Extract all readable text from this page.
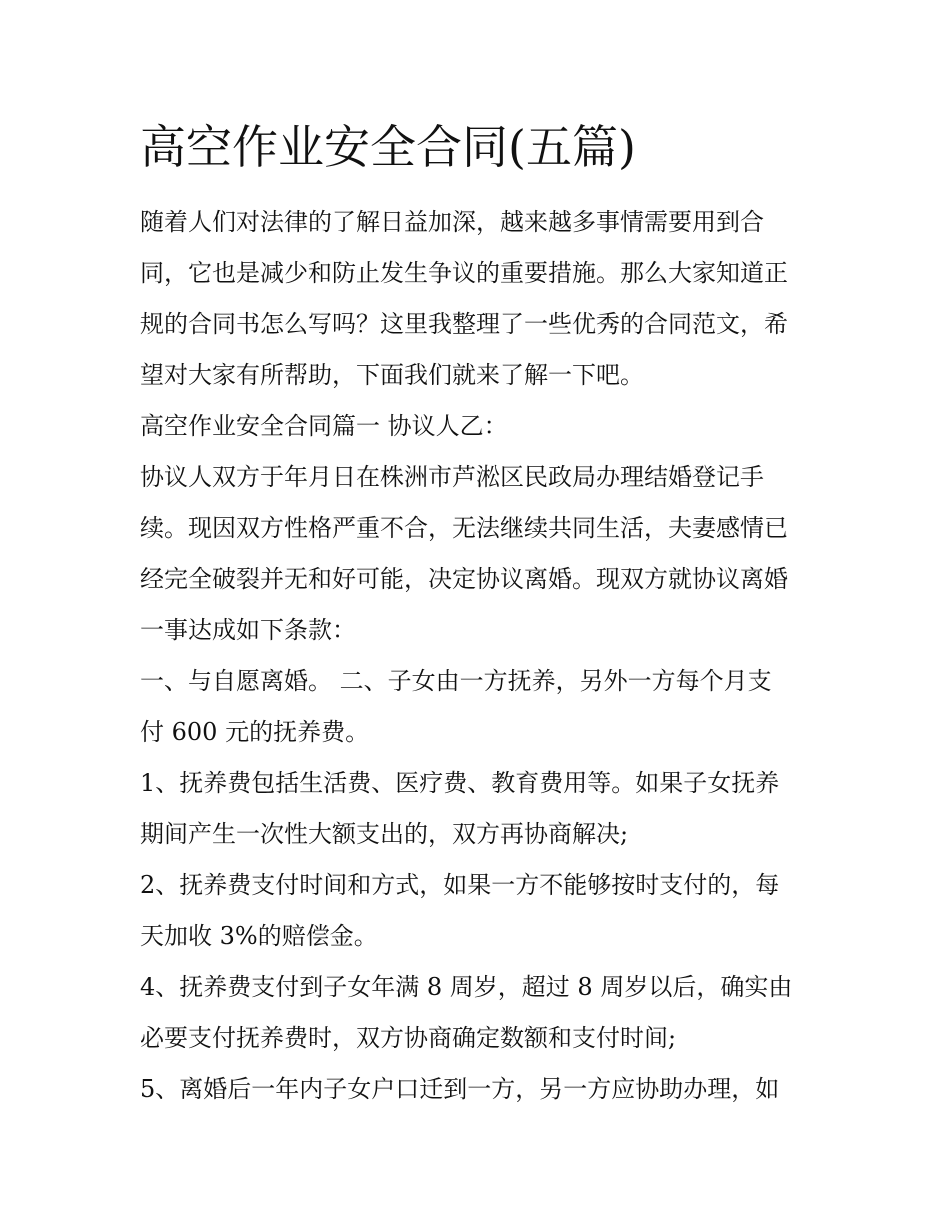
高空作业安全合同(五篇)

随着人们对法律的了解日益加深，越来越多事情需要用到合

同，它也是减少和防止发生争议的重要措施。那么大家知道正

规的合同书怎么写吗？这里我整理了一些优秀的合同范文，希

望对大家有所帮助，下面我们就来了解一下吧。

高空作业安全合同篇一 协议人乙：

协议人双方于年月日在株洲市芦淞区民政局办理结婚登记手

续。现因双方性格严重不合，无法继续共同生活，夫妻感情已

经完全破裂并无和好可能，决定协议离婚。现双方就协议离婚

一事达成如下条款：

一、与自愿离婚。 二、子女由一方抚养，另外一方每个月支

付 600 元的抚养费。

1、抚养费包括生活费、医疗费、教育费用等。如果子女抚养

期间产生一次性大额支出的，双方再协商解决;

2、抚养费支付时间和方式，如果一方不能够按时支付的，每

天加收 3%的赔偿金。

4、抚养费支付到子女年满 8 周岁，超过 8 周岁以后，确实由

必要支付抚养费时，双方协商确定数额和支付时间;

5、离婚后一年内子女户口迁到一方，另一方应协助办理，如
